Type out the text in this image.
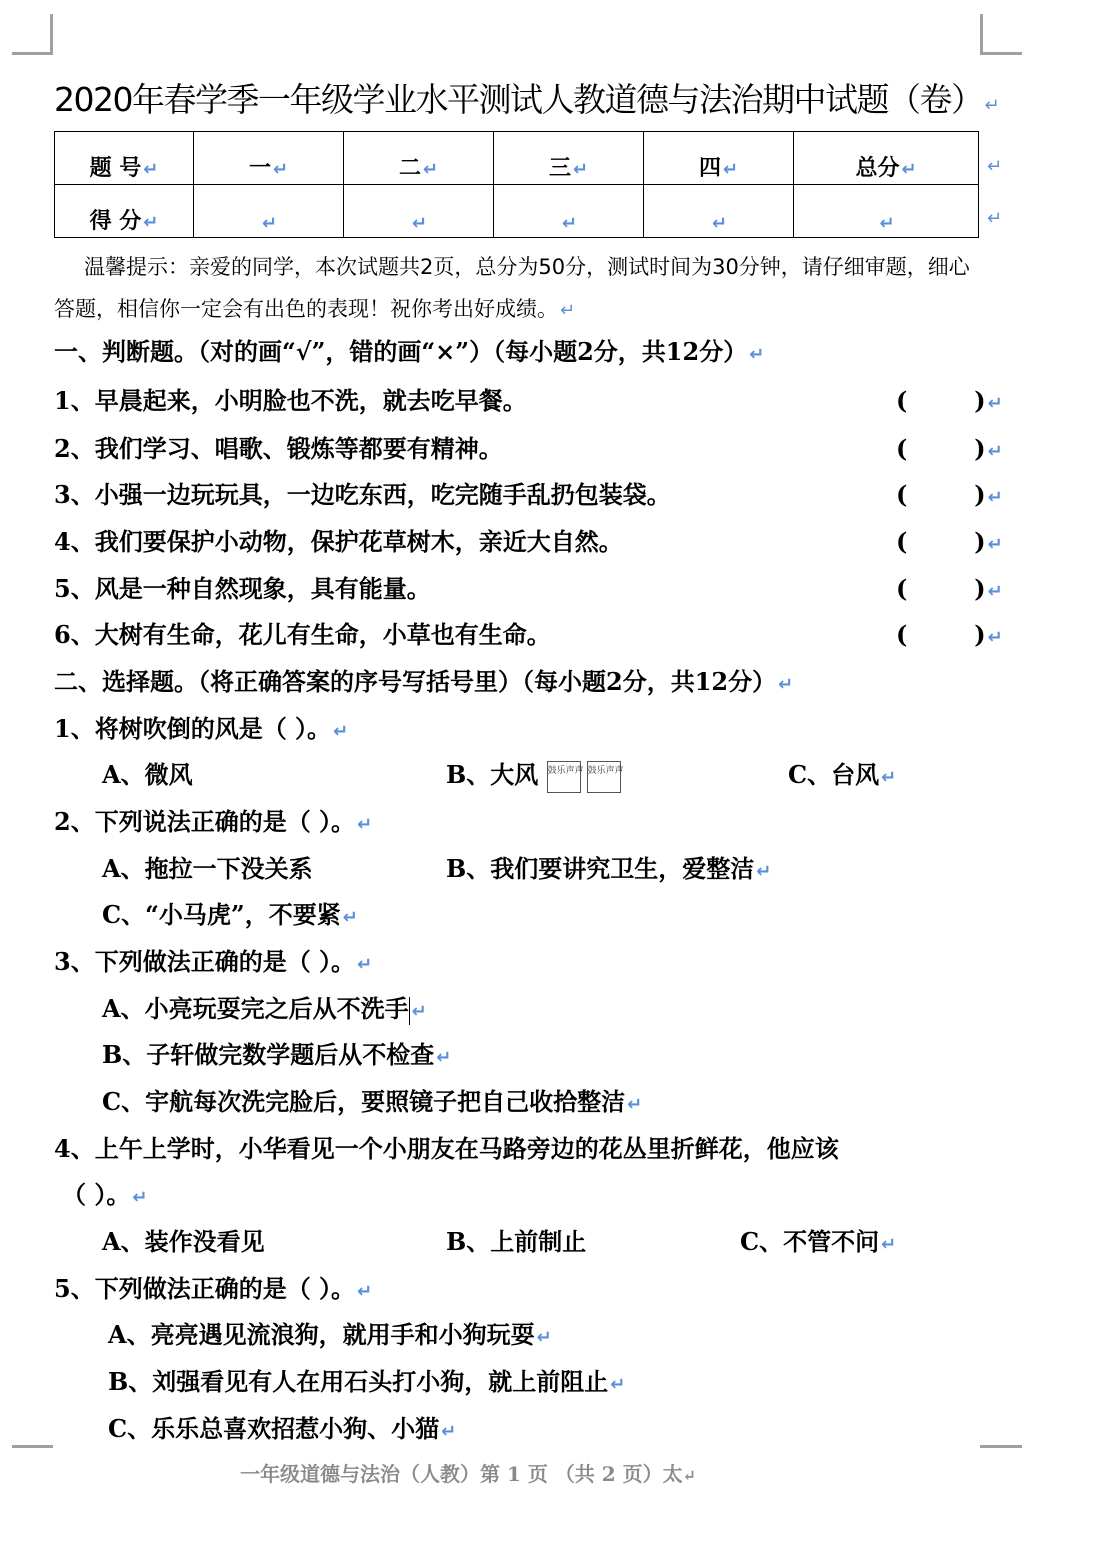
2020年春学季一年级学业水平测试人教道德与法治期中试题（卷） ↵
题 号 ↵	一 ↵	二 ↵	三 ↵	四 ↵	总分 ↵
得 分 ↵	↵	↵	↵	↵	↵
↵
↵
温馨提示：亲爱的同学，本次试题共2页，总分为50分，测试时间为30分钟，请仔细审题，细心答题，相信你一定会有出色的表现！祝你考出好成绩。 ↵
一、判断题。（对的画“√”，错的画“×”）（每小题2分，共12分） ↵
1、早晨起来，小明脸也不洗，就去吃早餐。	(        ) ↵
2、我们学习、唱歌、锻炼等都要有精神。	(        ) ↵
3、小强一边玩玩具，一边吃东西，吃完随手乱扔包装袋。	(        ) ↵
4、我们要保护小动物，保护花草树木，亲近大自然。	(        ) ↵
5、风是一种自然现象，具有能量。	(        ) ↵
6、大树有生命，花儿有生命，小草也有生命。	(        ) ↵
二、选择题。（将正确答案的序号写括号里）（每小题2分，共12分） ↵
1、将树吹倒的风是（ ）。 ↵
A、微风	B、大风 鼓乐声声 鼓乐声声	C、台风 ↵
2、下列说法正确的是（ ）。 ↵
A、拖拉一下没关系	B、我们要讲究卫生，爱整洁 ↵
C、“小马虎”，不要紧 ↵
3、下列做法正确的是（ ）。 ↵
A、小亮玩耍完之后从不洗手 ↵
B、子轩做完数学题后从不检查 ↵
C、宇航每次洗完脸后，要照镜子把自己收拾整洁 ↵
4、上午上学时，小华看见一个小朋友在马路旁边的花丛里折鲜花，他应该
（ ）。 ↵
A、装作没看见	B、上前制止	C、不管不问 ↵
5、下列做法正确的是（ ）。 ↵
A、亮亮遇见流浪狗，就用手和小狗玩耍 ↵
B、刘强看见有人在用石头打小狗，就上前阻止 ↵
C、乐乐总喜欢招惹小狗、小猫 ↵
一年级道德与法治（人教）第 1 页 （共 2 页）太↵
